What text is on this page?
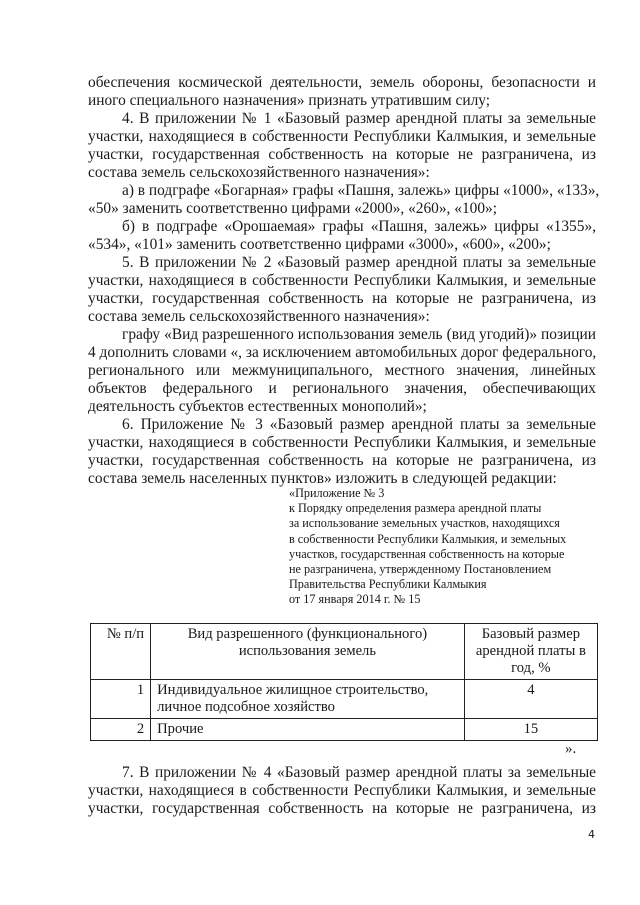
обеспечения космической деятельности, земель обороны, безопасности и
иного специального назначения» признать утратившим силу;
4. В приложении № 1 «Базовый размер арендной платы за земельные
участки, находящиеся в собственности Республики Калмыкия, и земельные
участки, государственная собственность на которые не разграничена, из
состава земель сельскохозяйственного назначения»:
а) в подграфе «Богарная» графы «Пашня, залежь» цифры «1000», «133»,
«50» заменить соответственно цифрами «2000», «260», «100»;
б) в подграфе «Орошаемая» графы «Пашня, залежь» цифры «1355»,
«534», «101» заменить соответственно цифрами «3000», «600», «200»;
5. В приложении № 2 «Базовый размер арендной платы за земельные
участки, находящиеся в собственности Республики Калмыкия, и земельные
участки, государственная собственность на которые не разграничена, из
состава земель сельскохозяйственного назначения»:
графу «Вид разрешенного использования земель (вид угодий)» позиции
4 дополнить словами «, за исключением автомобильных дорог федерального,
регионального или межмуниципального, местного значения, линейных
объектов федерального и регионального значения, обеспечивающих
деятельность субъектов естественных монополий»;
6. Приложение № 3 «Базовый размер арендной платы за земельные
участки, находящиеся в собственности Республики Калмыкия, и земельные
участки, государственная собственность на которые не разграничена, из
состава земель населенных пунктов» изложить в следующей редакции:
«Приложение № 3
к Порядку определения размера арендной платы
за использование земельных участков, находящихся
в собственности Республики Калмыкия, и земельных
участков, государственная собственность на которые
не разграничена, утвержденному Постановлением
Правительства Республики Калмыкия
от 17 января 2014 г. № 15
№ п/п	Вид разрешенного (функционального) использования земель	Базовый размер арендной платы в год, %
1	Индивидуальное жилищное строительство, личное подсобное хозяйство	4
2	Прочие	15
».
7. В приложении № 4 «Базовый размер арендной платы за земельные
участки, находящиеся в собственности Республики Калмыкия, и земельные
участки, государственная собственность на которые не разграничена, из
4
